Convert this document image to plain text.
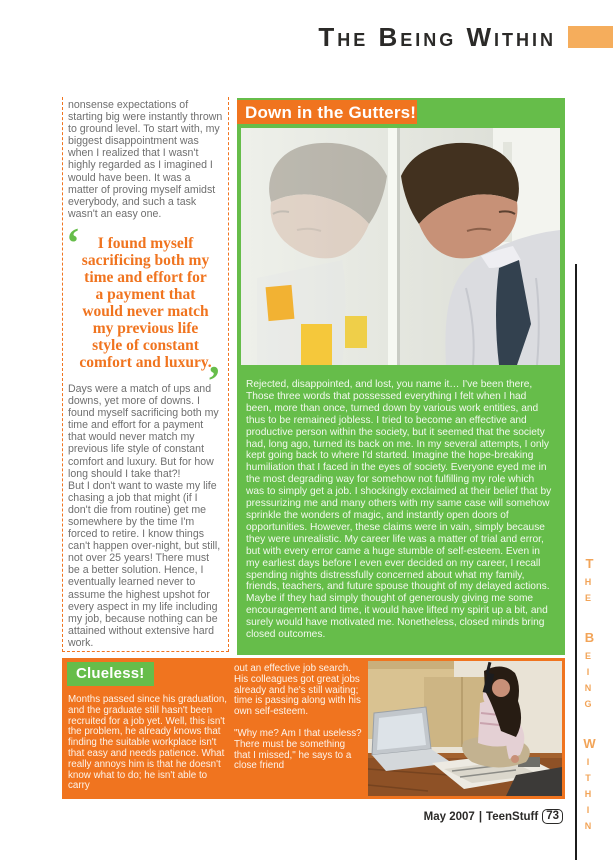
The Being Within

nonsense expectations of starting big were instantly thrown to ground level. To start with, my biggest disappointment was when I realized that I wasn't highly regarded as I imagined I would have been. It was a matter of proving myself amidst everybody, and such a task wasn't an easy one.

‘ I found myself sacrificing both my time and effort for a payment that would never match my previous life style of constant comfort and luxury.
’

Days were a match of ups and downs, yet more of downs. I found myself sacrificing both my time and effort for a payment that would never match my previous life style of constant comfort and luxury. But for how long should I take that?!

But I don't want to waste my life chasing a job that might (if I don't die from routine) get me somewhere by the time I'm forced to retire. I know things can't happen over-night, but still, not over 25 years! There must be a better solution. Hence, I eventually learned never to assume the highest upshot for every aspect in my life including my job, because nothing can be attained without extensive hard work.

Down in the Gutters!

Rejected, disappointed, and lost, you name it… I've been there, Those three words that possessed everything I felt when I had been, more than once, turned down by various work entities, and thus to be remained jobless. I tried to become an effective and productive person within the society, but it seemed that the society had, long ago, turned its back on me. In my several attempts, I only kept going back to where I'd started. Imagine the hope-breaking humiliation that I faced in the eyes of society. Everyone eyed me in the most degrading way for somehow not fulfilling my role which was to simply get a job. I shockingly exclaimed at their belief that by pressurizing me and many others with my same case will somehow sprinkle the wonders of magic, and instantly open doors of opportunities. However, these claims were in vain, simply because they were unrealistic. My career life was a matter of trial and error, but with every error came a huge stumble of self-esteem. Even in my earliest days before I even ever decided on my career, I recall spending nights distressfully concerned about what my family, friends, teachers, and future spouse thought of my delayed actions. Maybe if they had simply thought of generously giving me some encouragement and time, it would have lifted my spirit up a bit, and surely would have motivated me. Nonetheless, closed minds bring closed outcomes.

Clueless!

Months passed since his graduation, and the graduate still hasn't been recruited for a job yet. Well, this isn't the problem, he already knows that finding the suitable workplace isn't that easy and needs patience. What really annoys him is that he doesn't know what to do; he isn't able to carry

out an effective job search. His colleagues got great jobs already and he's still waiting; time is passing along with his own self-esteem.

"Why me? Am I that useless? There must be something that I missed," he says to a close friend

May 2007 | TeenStuff 73	The Being Within
